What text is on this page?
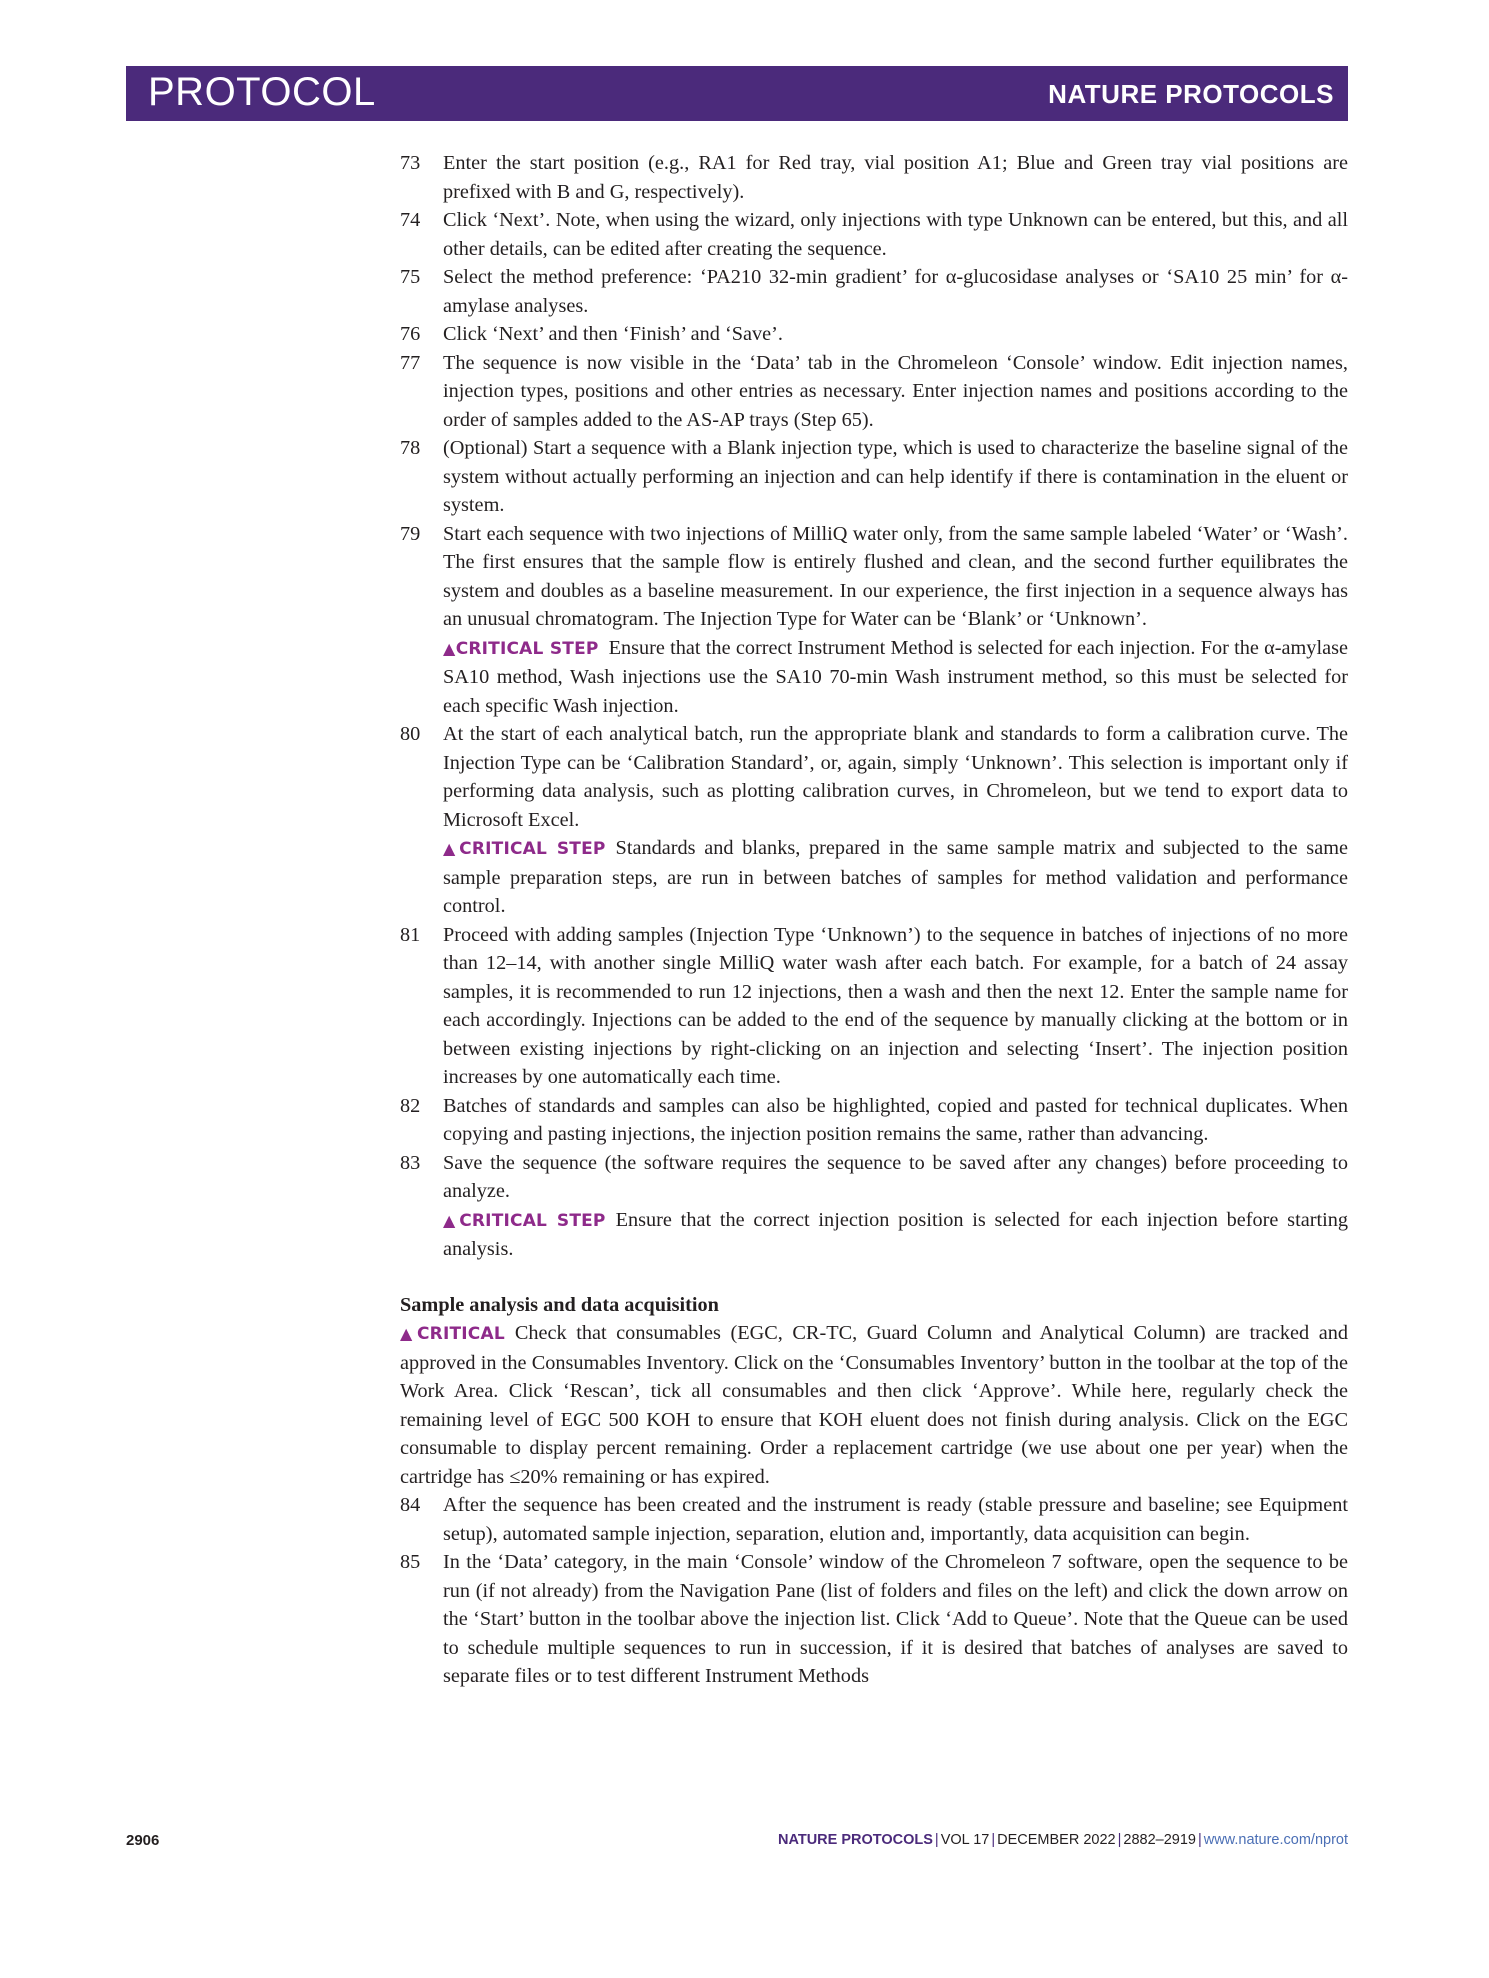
PROTOCOL	NATURE PROTOCOLS
73 Enter the start position (e.g., RA1 for Red tray, vial position A1; Blue and Green tray vial positions are prefixed with B and G, respectively).

74 Click ‘Next’. Note, when using the wizard, only injections with type Unknown can be entered, but this, and all other details, can be edited after creating the sequence.

75 Select the method preference: ‘PA210 32-min gradient’ for α-glucosidase analyses or ‘SA10 25 min’ for α-amylase analyses.

76 Click ‘Next’ and then ‘Finish’ and ‘Save’.

77 The sequence is now visible in the ‘Data’ tab in the Chromeleon ‘Console’ window. Edit injection names, injection types, positions and other entries as necessary. Enter injection names and positions according to the order of samples added to the AS-AP trays (Step 65).

78 (Optional) Start a sequence with a Blank injection type, which is used to characterize the baseline signal of the system without actually performing an injection and can help identify if there is contamination in the eluent or system.

79 Start each sequence with two injections of MilliQ water only, from the same sample labeled ‘Water’ or ‘Wash’. The first ensures that the sample flow is entirely flushed and clean, and the second further equilibrates the system and doubles as a baseline measurement. In our experience, the first injection in a sequence always has an unusual chromatogram. The Injection Type for Water can be ‘Blank’ or ‘Unknown’.

▲CRITICAL STEP Ensure that the correct Instrument Method is selected for each injection. For the α-amylase SA10 method, Wash injections use the SA10 70-min Wash instrument method, so this must be selected for each specific Wash injection.

80 At the start of each analytical batch, run the appropriate blank and standards to form a calibration curve. The Injection Type can be ‘Calibration Standard’, or, again, simply ‘Unknown’. This selection is important only if performing data analysis, such as plotting calibration curves, in Chromeleon, but we tend to export data to Microsoft Excel.

▲CRITICAL STEP Standards and blanks, prepared in the same sample matrix and subjected to the same sample preparation steps, are run in between batches of samples for method validation and performance control.

81 Proceed with adding samples (Injection Type ‘Unknown’) to the sequence in batches of injections of no more than 12–14, with another single MilliQ water wash after each batch. For example, for a batch of 24 assay samples, it is recommended to run 12 injections, then a wash and then the next 12. Enter the sample name for each accordingly. Injections can be added to the end of the sequence by manually clicking at the bottom or in between existing injections by right-clicking on an injection and selecting ‘Insert’. The injection position increases by one automatically each time.

82 Batches of standards and samples can also be highlighted, copied and pasted for technical duplicates. When copying and pasting injections, the injection position remains the same, rather than advancing.

83 Save the sequence (the software requires the sequence to be saved after any changes) before proceeding to analyze.

▲CRITICAL STEP Ensure that the correct injection position is selected for each injection before starting analysis.

Sample analysis and data acquisition

▲CRITICAL Check that consumables (EGC, CR-TC, Guard Column and Analytical Column) are tracked and approved in the Consumables Inventory. Click on the ‘Consumables Inventory’ button in the toolbar at the top of the Work Area. Click ‘Rescan’, tick all consumables and then click ‘Approve’. While here, regularly check the remaining level of EGC 500 KOH to ensure that KOH eluent does not finish during analysis. Click on the EGC consumable to display percent remaining. Order a replacement cartridge (we use about one per year) when the cartridge has ≤20% remaining or has expired.

84 After the sequence has been created and the instrument is ready (stable pressure and baseline; see Equipment setup), automated sample injection, separation, elution and, importantly, data acquisition can begin.

85 In the ‘Data’ category, in the main ‘Console’ window of the Chromeleon 7 software, open the sequence to be run (if not already) from the Navigation Pane (list of folders and files on the left) and click the down arrow on the ‘Start’ button in the toolbar above the injection list. Click ‘Add to Queue’. Note that the Queue can be used to schedule multiple sequences to run in succession, if it is desired that batches of analyses are saved to separate files or to test different Instrument Methods

2906	NATURE PROTOCOLS | VOL 17 | DECEMBER 2022 | 2882–2919 | www.nature.com/nprot
